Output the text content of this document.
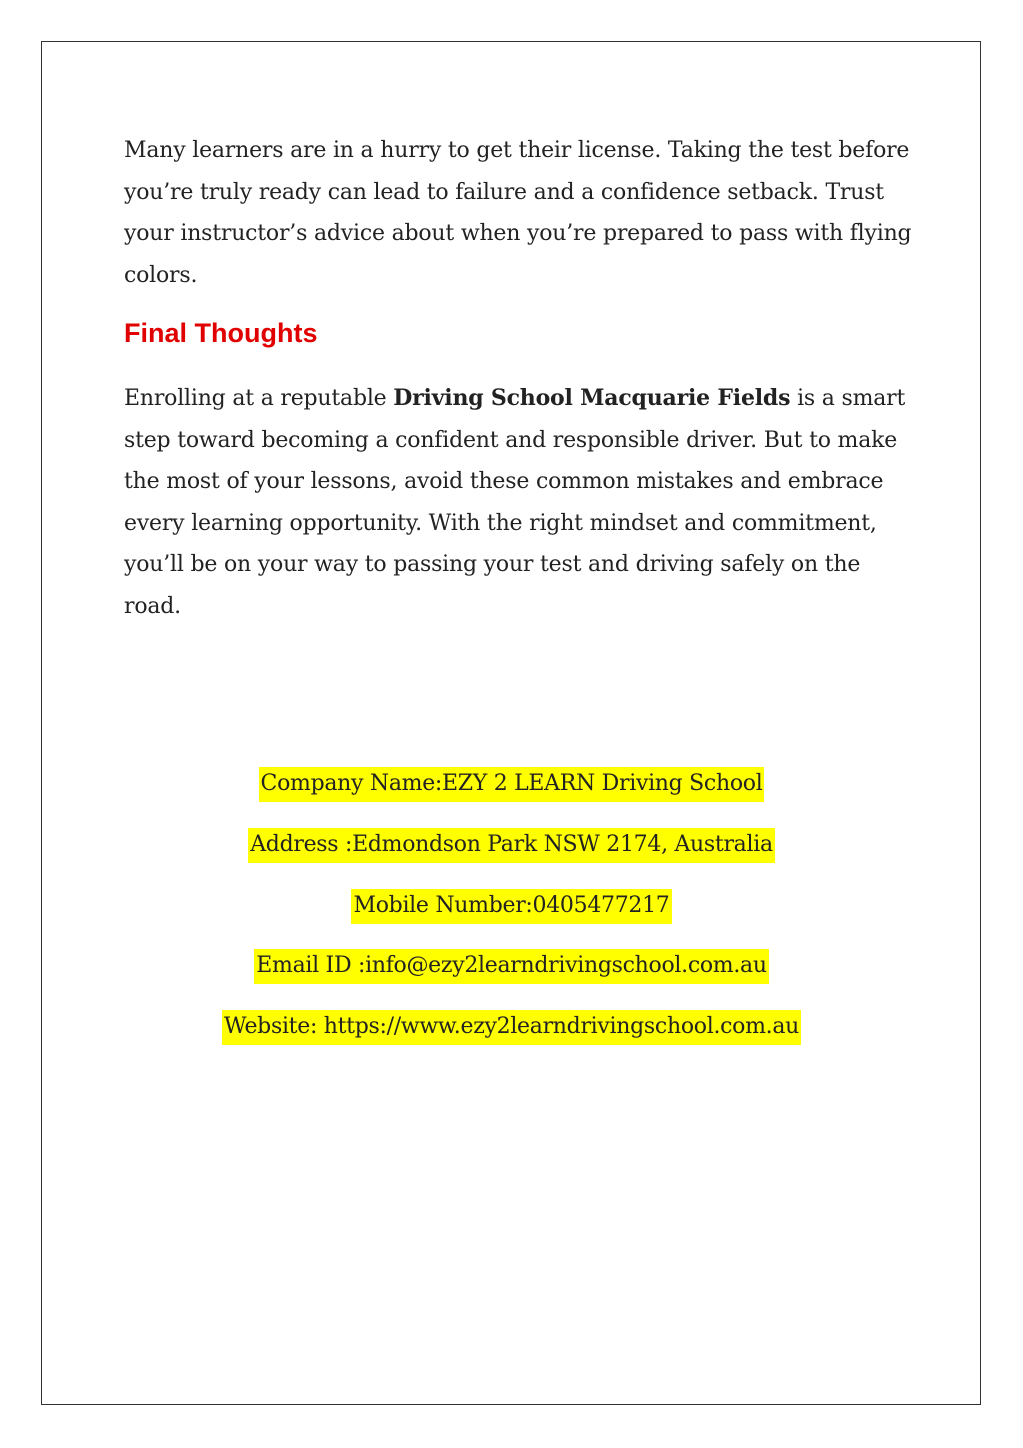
Many learners are in a hurry to get their license. Taking the test before you’re truly ready can lead to failure and a confidence setback. Trust your instructor’s advice about when you’re prepared to pass with flying colors.

Final Thoughts

Enrolling at a reputable Driving School Macquarie Fields is a smart step toward becoming a confident and responsible driver. But to make the most of your lessons, avoid these common mistakes and embrace every learning opportunity. With the right mindset and commitment, you’ll be on your way to passing your test and driving safely on the road.

Company Name:EZY 2 LEARN Driving School
Address :Edmondson Park NSW 2174, Australia
Mobile Number:0405477217
Email ID :info@ezy2learndrivingschool.com.au
Website: https://www.ezy2learndrivingschool.com.au
